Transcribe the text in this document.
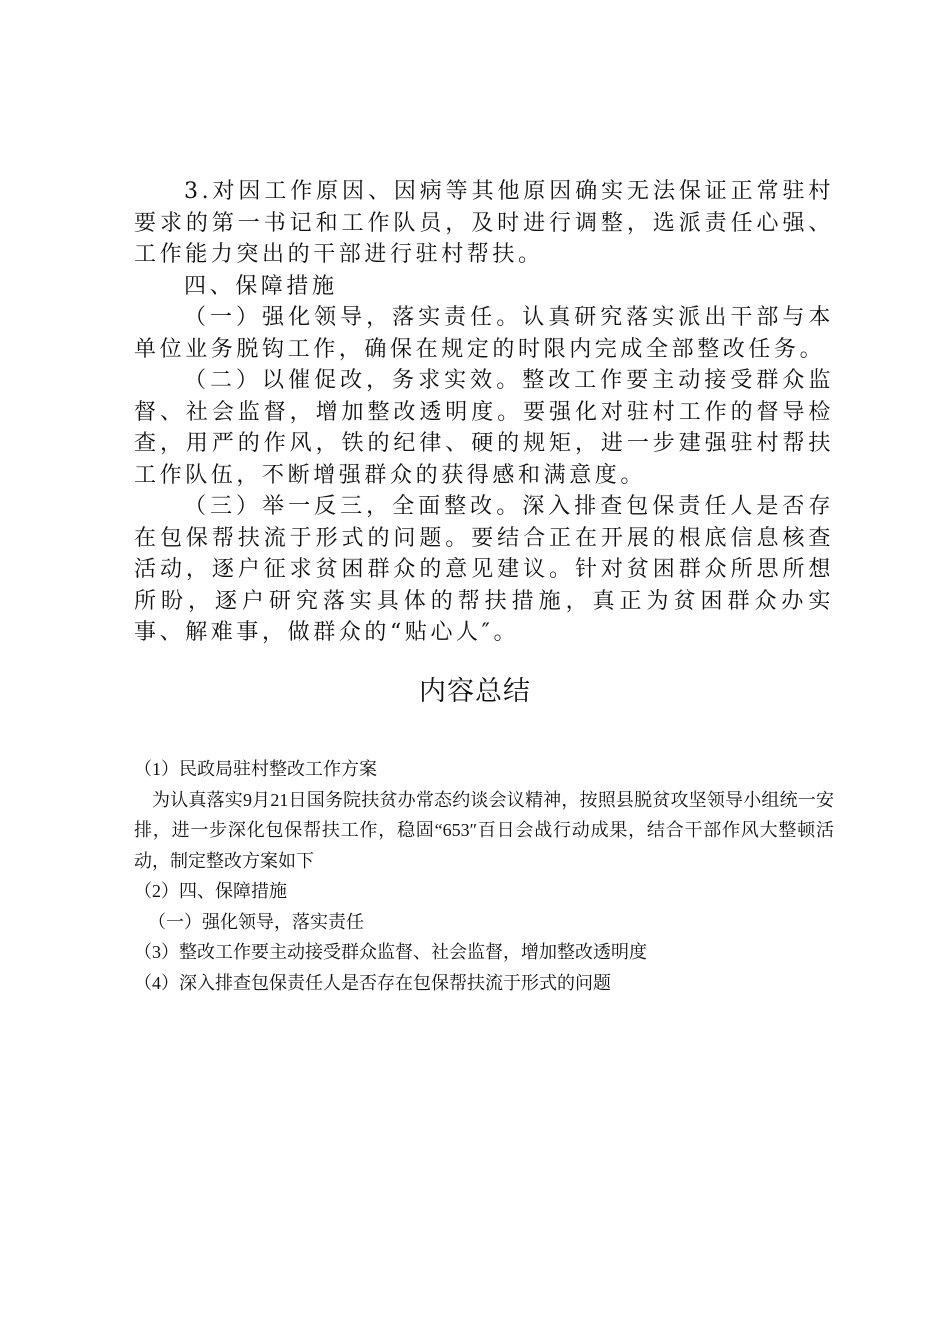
3.对因工作原因、因病等其他原因确实无法保证正常驻村要求的第一书记和工作队员，及时进行调整，选派责任心强、工作能力突出的干部进行驻村帮扶。

四、保障措施

（一）强化领导，落实责任。认真研究落实派出干部与本单位业务脱钩工作，确保在规定的时限内完成全部整改任务。

（二）以催促改，务求实效。整改工作要主动接受群众监督、社会监督，增加整改透明度。要强化对驻村工作的督导检查，用严的作风，铁的纪律、硬的规矩，进一步建强驻村帮扶工作队伍，不断增强群众的获得感和满意度。

（三）举一反三，全面整改。深入排查包保责任人是否存在包保帮扶流于形式的问题。要结合正在开展的根底信息核查活动，逐户征求贫困群众的意见建议。针对贫困群众所思所想所盼，逐户研究落实具体的帮扶措施，真正为贫困群众办实事、解难事，做群众的“贴心人″。

内容总结

（1）民政局驻村整改工作方案

为认真落实9月21日国务院扶贫办常态约谈会议精神，按照县脱贫攻坚领导小组统一安排，进一步深化包保帮扶工作，稳固“653″百日会战行动成果，结合干部作风大整顿活动，制定整改方案如下

（2）四、保障措施

（一）强化领导，落实责任

（3）整改工作要主动接受群众监督、社会监督，增加整改透明度

（4）深入排查包保责任人是否存在包保帮扶流于形式的问题
